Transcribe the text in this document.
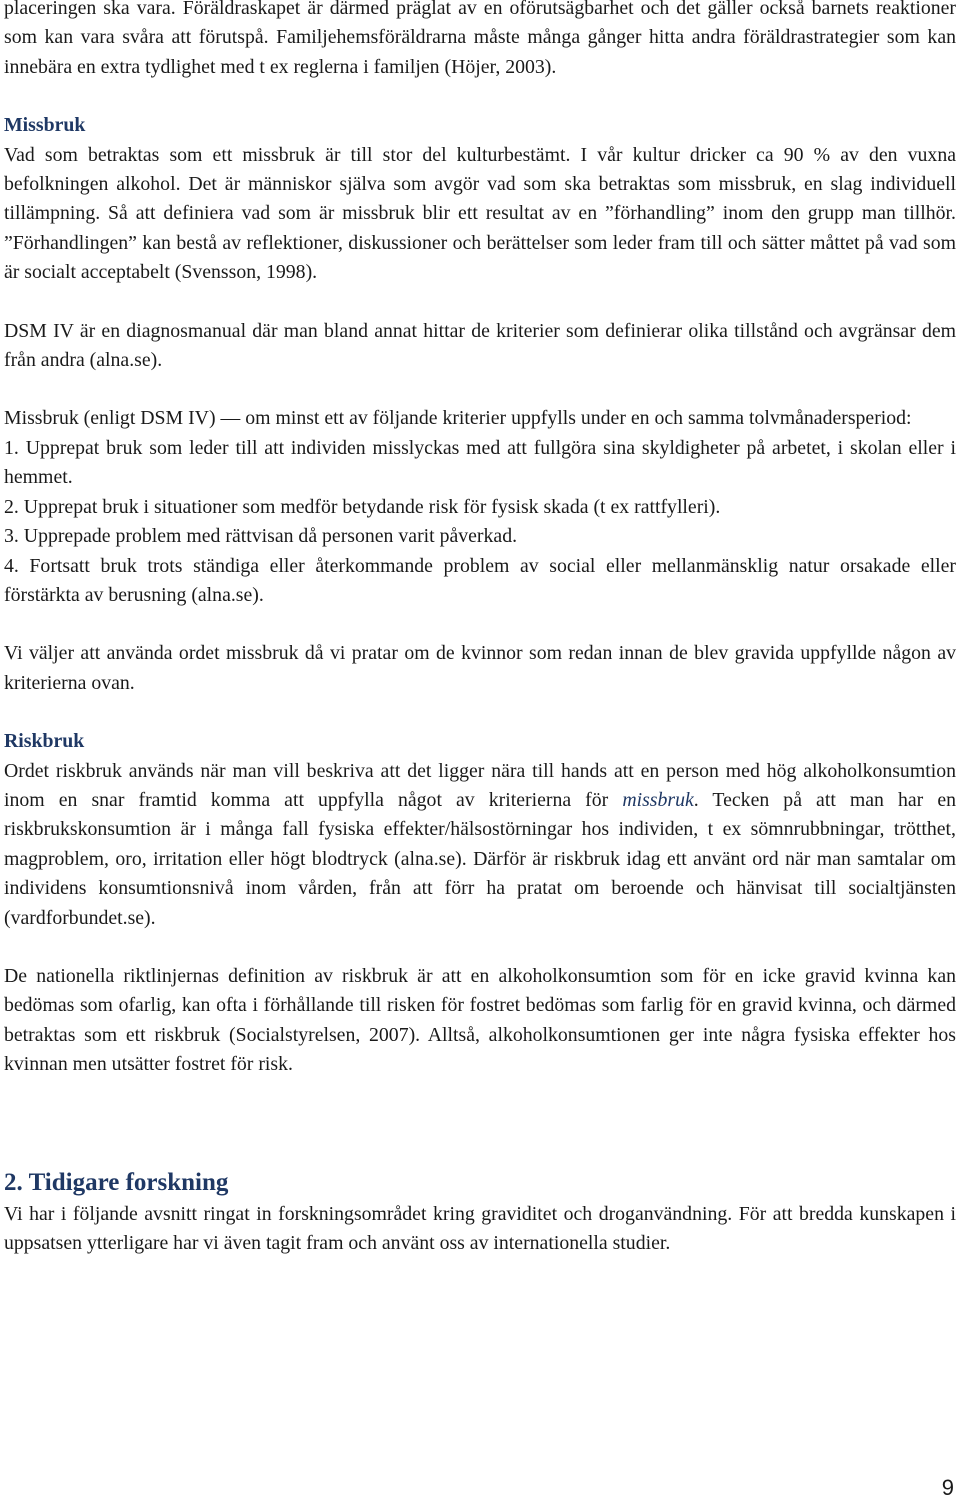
placeringen ska vara. Föräldraskapet är därmed präglat av en oförutsägbarhet och det gäller också barnets reaktioner som kan vara svåra att förutspå. Familjehemsföräldrarna måste många gånger hitta andra föräldrastrategier som kan innebära en extra tydlighet med t ex reglerna i familjen (Höjer, 2003).

Missbruk

Vad som betraktas som ett missbruk är till stor del kulturbestämt. I vår kultur dricker ca 90 % av den vuxna befolkningen alkohol. Det är människor själva som avgör vad som ska betraktas som missbruk, en slag individuell tillämpning. Så att definiera vad som är missbruk blir ett resultat av en ”förhandling” inom den grupp man tillhör. ”Förhandlingen” kan bestå av reflektioner, diskussioner och berättelser som leder fram till och sätter måttet på vad som är socialt acceptabelt (Svensson, 1998).

DSM IV är en diagnosmanual där man bland annat hittar de kriterier som definierar olika tillstånd och avgränsar dem från andra (alna.se).

Missbruk (enligt DSM IV) — om minst ett av följande kriterier uppfylls under en och samma tolvmånadersperiod:

1. Upprepat bruk som leder till att individen misslyckas med att fullgöra sina skyldigheter på arbetet, i skolan eller i hemmet.

2. Upprepat bruk i situationer som medför betydande risk för fysisk skada (t ex rattfylleri).

3. Upprepade problem med rättvisan då personen varit påverkad.

4. Fortsatt bruk trots ständiga eller återkommande problem av social eller mellanmänsklig natur orsakade eller förstärkta av berusning (alna.se).

Vi väljer att använda ordet missbruk då vi pratar om de kvinnor som redan innan de blev gravida uppfyllde någon av kriterierna ovan.

Riskbruk

Ordet riskbruk används när man vill beskriva att det ligger nära till hands att en person med hög alkoholkonsumtion inom en snar framtid komma att uppfylla något av kriterierna för missbruk. Tecken på att man har en riskbrukskonsumtion är i många fall fysiska effekter/hälsostörningar hos individen, t ex sömnrubbningar, trötthet, magproblem, oro, irritation eller högt blodtryck (alna.se). Därför är riskbruk idag ett använt ord när man samtalar om individens konsumtionsnivå inom vården, från att förr ha pratat om beroende och hänvisat till socialtjänsten (vardforbundet.se).

De nationella riktlinjernas definition av riskbruk är att en alkoholkonsumtion som för en icke gravid kvinna kan bedömas som ofarlig, kan ofta i förhållande till risken för fostret bedömas som farlig för en gravid kvinna, och därmed betraktas som ett riskbruk (Socialstyrelsen, 2007). Alltså, alkoholkonsumtionen ger inte några fysiska effekter hos kvinnan men utsätter fostret för risk.

2. Tidigare forskning

Vi har i följande avsnitt ringat in forskningsområdet kring graviditet och droganvändning. För att bredda kunskapen i uppsatsen ytterligare har vi även tagit fram och använt oss av internationella studier.

9
